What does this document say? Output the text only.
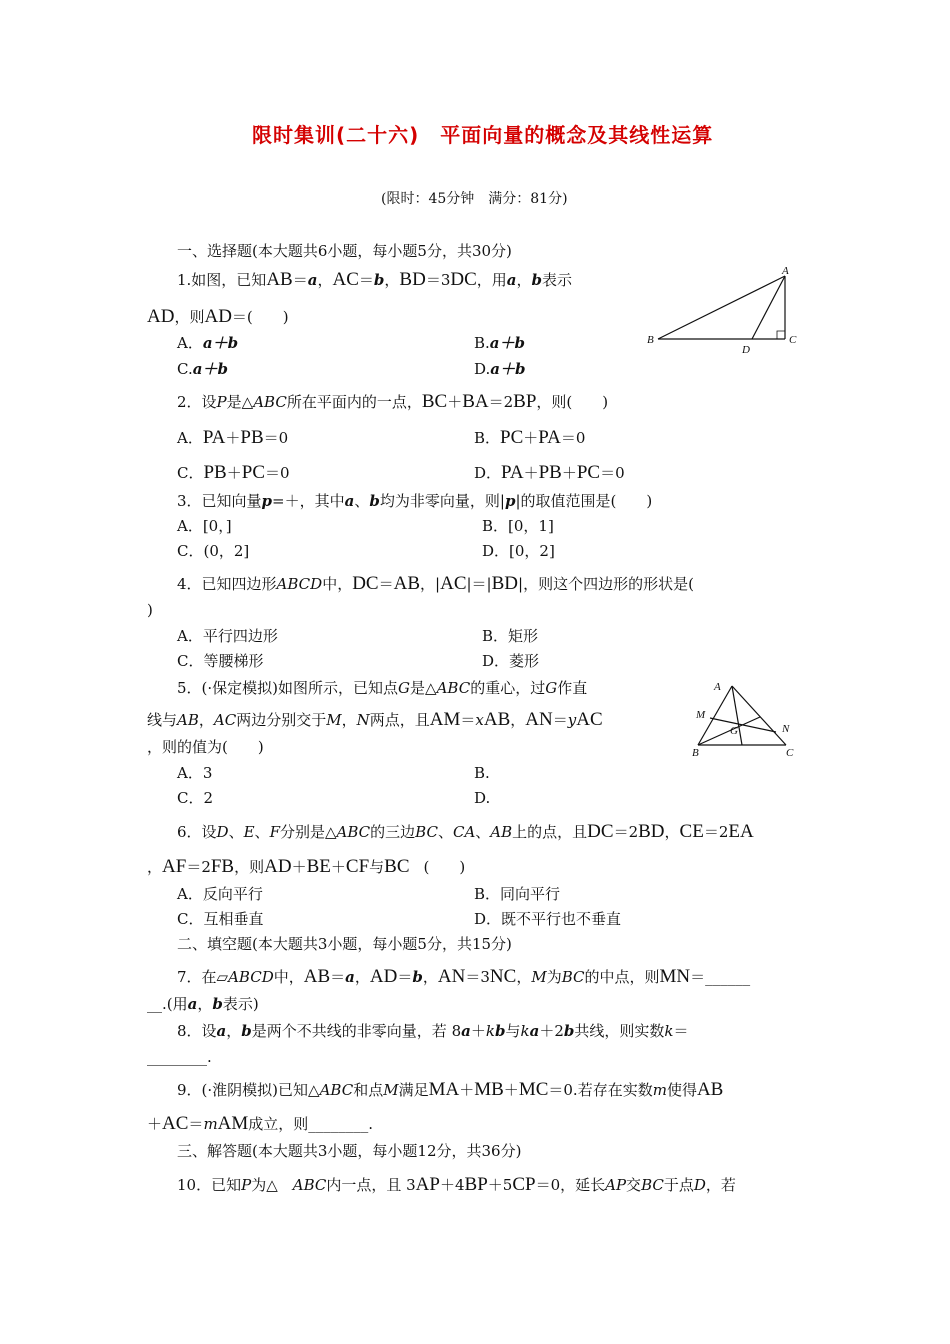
限时集训(二十六)　平面向量的概念及其线性运算
(限时：45分钟　满分：81分)
一、选择题(本大题共6小题，每小题5分，共30分)
1.如图，已知AB＝a，AC＝b，BD＝3DC，用a，b表示
AD，则AD＝(　　)
A．a＋b	B.a＋b
C.a＋b	D.a＋b
A
B	C
D
2．设P是△ABC所在平面内的一点，BC＋BA＝2BP，则(　　)
A．PA＋PB＝0	B．PC＋PA＝0
C．PB＋PC＝0	D．PA＋PB＋PC＝0
3．已知向量p=＋，其中a、b均为非零向量，则|p|的取值范围是(　　)
A．[0，]	B．[0，1]
C．(0，2]	D．[0，2]
4．已知四边形ABCD中，DC＝AB，|AC|＝|BD|，则这个四边形的形状是(
)
A．平行四边形	B．矩形
C．等腰梯形	D．菱形
5．(·保定模拟)如图所示，已知点G是△ABC的重心，过G作直
线与AB，AC两边分别交于M，N两点，且AM＝xAB，AN＝yAC
，则的值为(　　)
A．3	B.
C．2	D.
A
M
G	N
B	C
6．设D、E、F分别是△ABC的三边BC、CA、AB上的点，且DC＝2BD，CE＝2EA
，AF＝2FB，则AD＋BE＋CF与BC (　　)
A．反向平行	B．同向平行
C．互相垂直	D．既不平行也不垂直
二、填空题(本大题共3小题，每小题5分，共15分)
7．在▱ABCD中，AB＝a，AD＝b，AN＝3NC，M为BC的中点，则MN＝______
__.(用a，b表示)
8．设a，b是两个不共线的非零向量，若 8a＋kb与ka＋2b共线，则实数k＝
________.
9．(·淮阴模拟)已知△ABC和点M满足MA＋MB＋MC＝0.若存在实数m使得AB
＋AC＝mAM成立，则________.
三、解答题(本大题共3小题，每小题12分，共36分)
10．已知P为△　ABC内一点，且 3AP＋4BP＋5CP＝0，延长AP交BC于点D，若
